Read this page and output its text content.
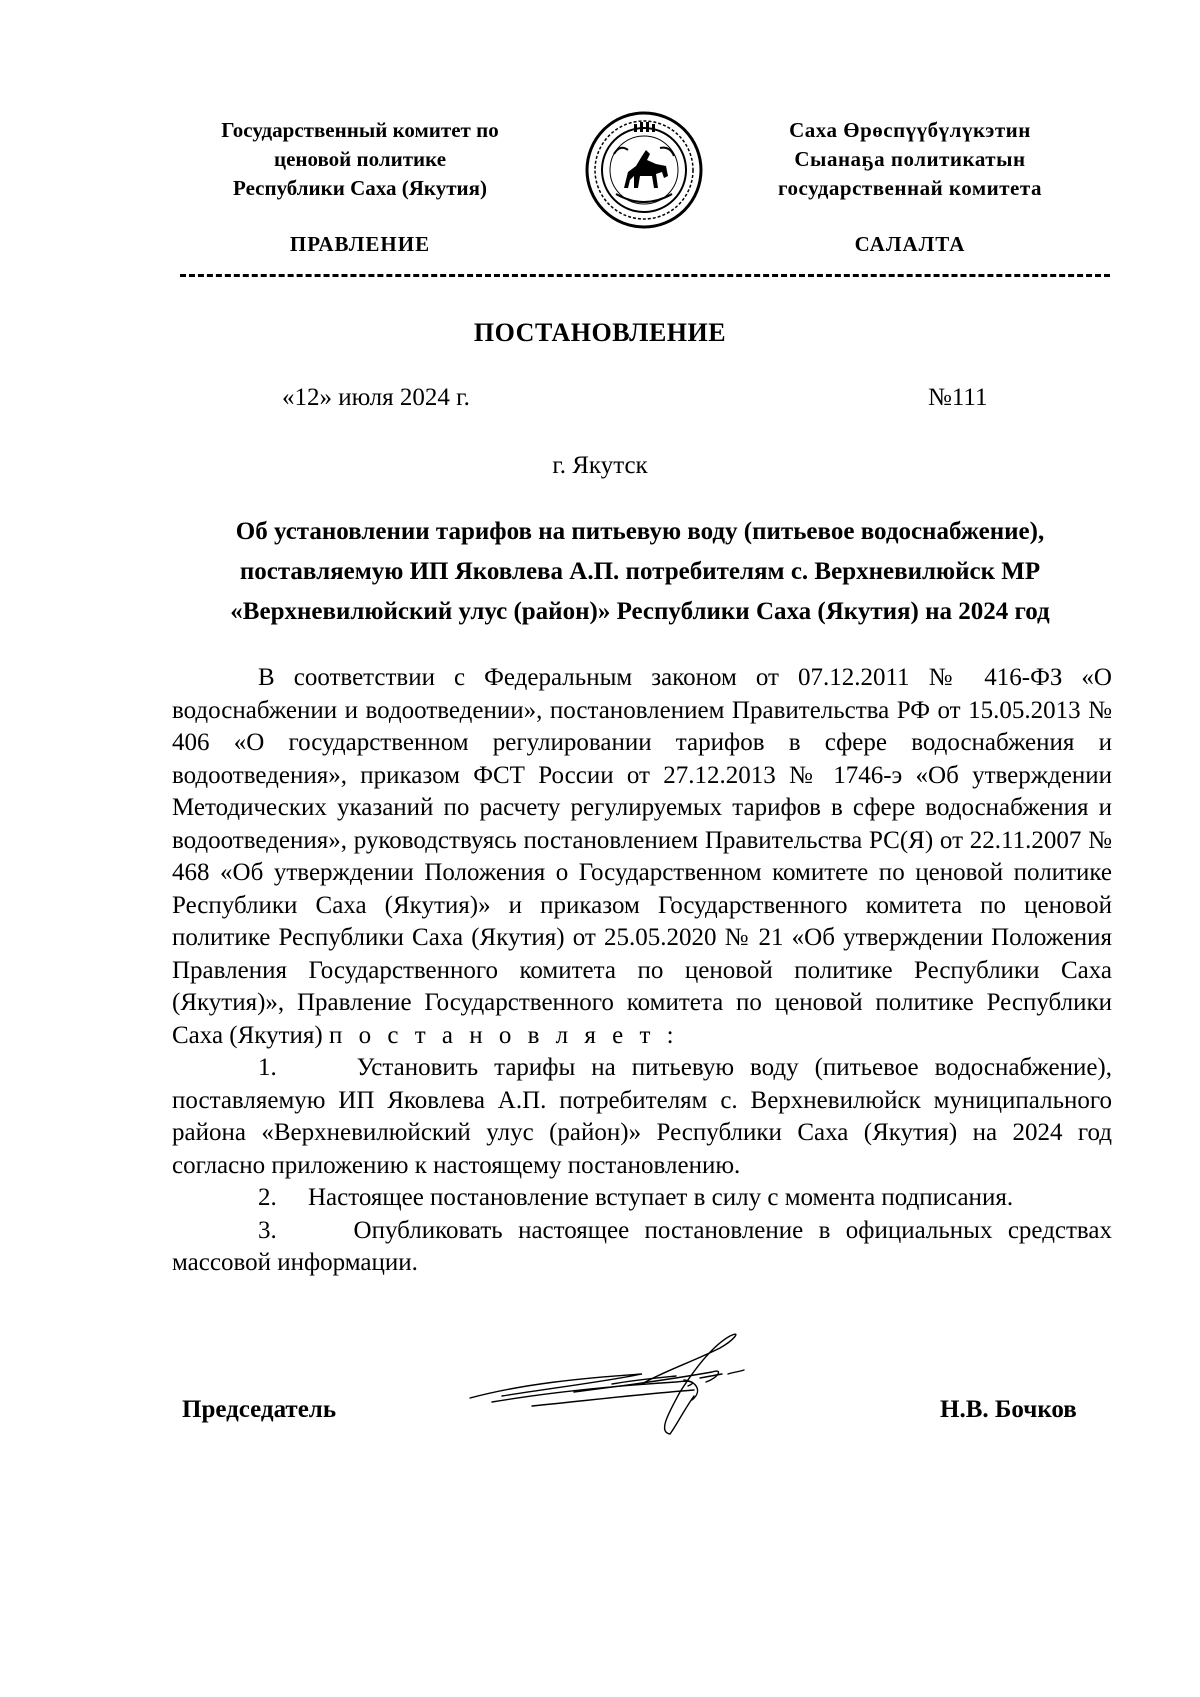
Государственный комитет по
ценовой политике
Республики Саха (Якутия)
Саха Өрөспүүбүлүкэтин
Сыанаҕа политикатын
государственнай комитета
ПРАВЛЕНИЕ	САЛАЛТА
ПОСТАНОВЛЕНИЕ
«12» июля 2024 г.	№111
г. Якутск
Об установлении тарифов на питьевую воду (питьевое водоснабжение),
поставляемую ИП Яковлева А.П. потребителям с. Верхневилюйск МР
«Верхневилюйский улус (район)» Республики Саха (Якутия) на 2024 год

В соответствии с Федеральным законом от 07.12.2011 № 416-ФЗ «О водоснабжении и водоотведении», постановлением Правительства РФ от 15.05.2013 № 406 «О государственном регулировании тарифов в сфере водоснабжения и водоотведения», приказом ФСТ России от 27.12.2013 № 1746-э «Об утверждении Методических указаний по расчету регулируемых тарифов в сфере водоснабжения и водоотведения», руководствуясь постановлением Правительства РС(Я) от 22.11.2007 № 468 «Об утверждении Положения о Государственном комитете по ценовой политике Республики Саха (Якутия)» и приказом Государственного комитета по ценовой политике Республики Саха (Якутия) от 25.05.2020 № 21 «Об утверждении Положения Правления Государственного комитета по ценовой политике Республики Саха (Якутия)», Правление Государственного комитета по ценовой политике Республики Саха (Якутия) п о с т а н о в л я е т :

1.	Установить тарифы на питьевую воду (питьевое водоснабжение), поставляемую ИП Яковлева А.П. потребителям с. Верхневилюйск муниципального района «Верхневилюйский улус (район)» Республики Саха (Якутия) на 2024 год согласно приложению к настоящему постановлению.

2. Настоящее постановление вступает в силу с момента подписания.

3.	Опубликовать настоящее постановление в официальных средствах массовой информации.

Председатель	Н.В. Бочков
